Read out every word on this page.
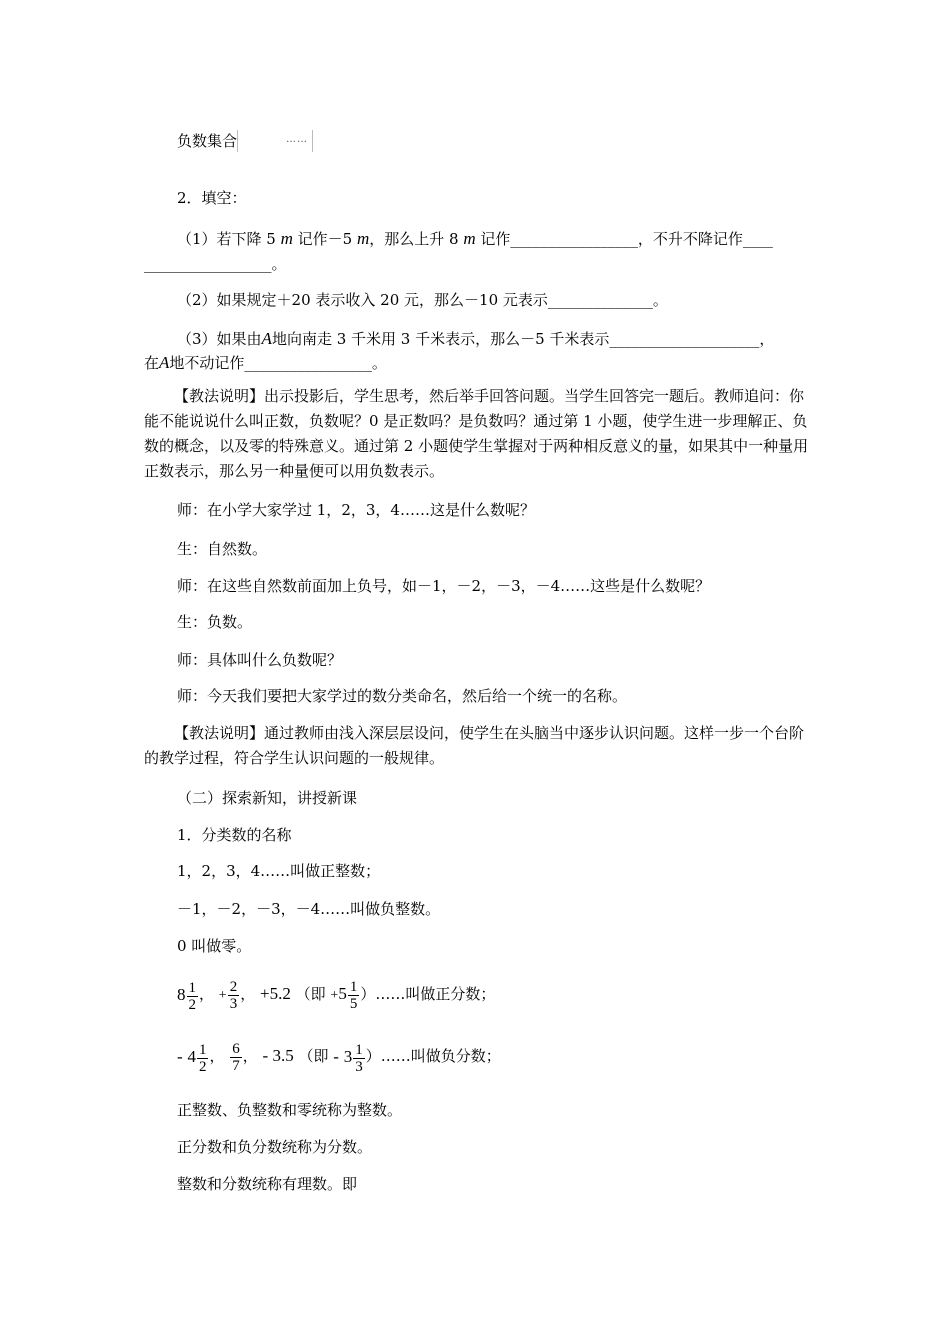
负数集合	……
2．填空：
（1）若下降 5 m 记作－5 m，那么上升 8 m 记作_________________，不升不降记作____
_________________。
（2）如果规定＋20 表示收入 20 元，那么－10 元表示______________。
（3）如果由A地向南走 3 千米用 3 千米表示，那么－5 千米表示____________________，
在A地不动记作_________________。
【教法说明】出示投影后，学生思考，然后举手回答问题。当学生回答完一题后。教师追问：你能不能说说什么叫正数，负数呢？0 是正数吗？是负数吗？通过第 1 小题，使学生进一步理解正、负数的概念，以及零的特殊意义。通过第 2 小题使学生掌握对于两种相反意义的量，如果其中一种量用正数表示，那么另一种量便可以用负数表示。
师：在小学大家学过 1，2，3，4……这是什么数呢？
生：自然数。
师：在这些自然数前面加上负号，如－1，－2，－3，－4……这些是什么数呢？
生：负数。
师：具体叫什么负数呢？
师：今天我们要把大家学过的数分类命名，然后给一个统一的名称。
【教法说明】通过教师由浅入深层层设问，使学生在头脑当中逐步认识问题。这样一步一个台阶的教学过程，符合学生认识问题的一般规律。
（二）探索新知，讲授新课
1．分类数的名称
1，2，3，4……叫做正整数；
－1，－2，－3，－4……叫做负整数。
0 叫做零。
$8 \frac{1}{2}$ ， + $\frac{2}{3}$ ， +5.2 （即 $+5 \frac{1}{5}$ ）……叫做正分数；
- $4 \frac{1}{2}$ ， $\frac{6}{7}$ ， - 3.5 （即 - $3 \frac{1}{3}$ ）……叫做负分数；
正整数、负整数和零统称为整数。
正分数和负分数统称为分数。
整数和分数统称有理数。即
